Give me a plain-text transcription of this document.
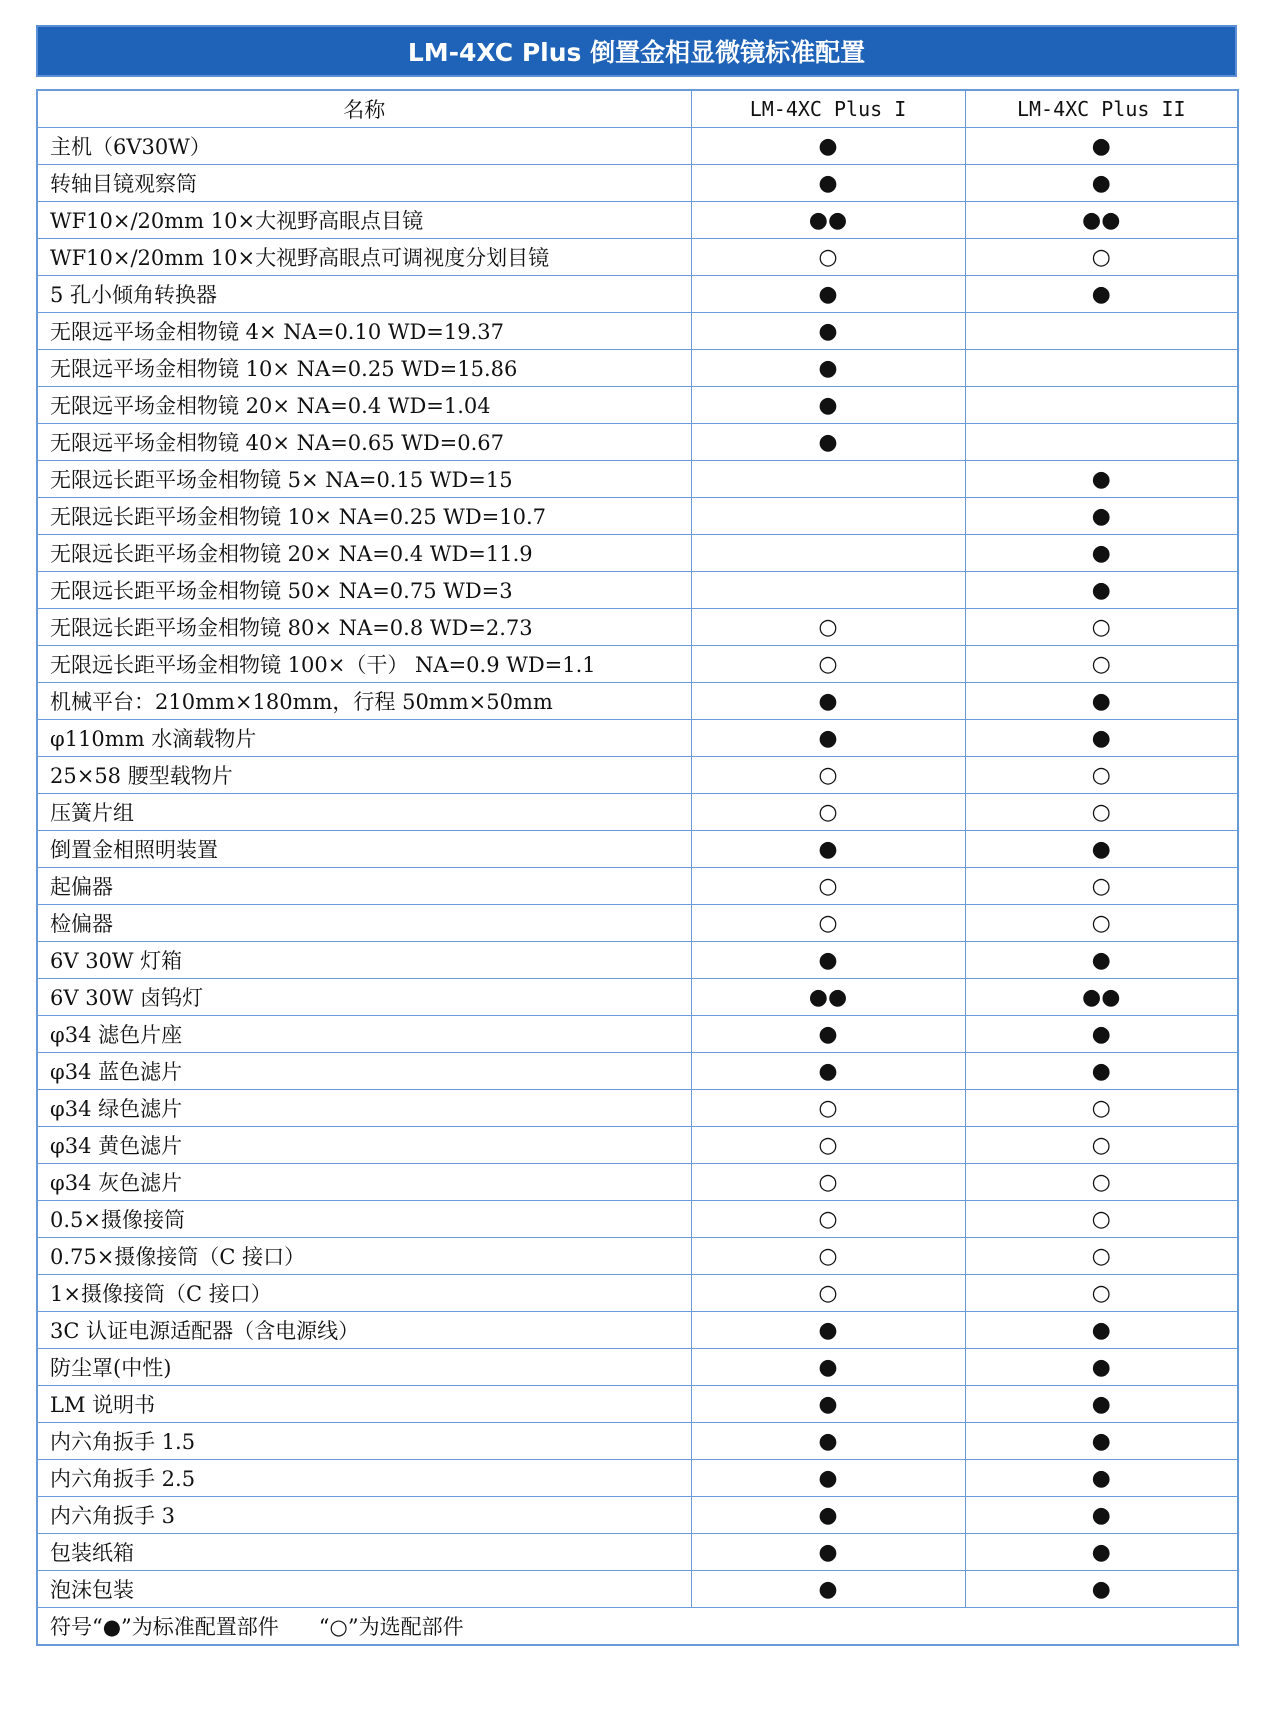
LM-4XC Plus 倒置金相显微镜标准配置
名称	LM-4XC Plus I	LM-4XC Plus II
主机（6V30W）	●	●
转轴目镜观察筒	●	●
WF10×/20mm 10×大视野高眼点目镜	●●	●●
WF10×/20mm 10×大视野高眼点可调视度分划目镜	○	○
5 孔小倾角转换器	●	●
无限远平场金相物镜 4× NA=0.10 WD=19.37	●	
无限远平场金相物镜 10× NA=0.25 WD=15.86	●	
无限远平场金相物镜 20× NA=0.4 WD=1.04	●	
无限远平场金相物镜 40× NA=0.65 WD=0.67	●	
无限远长距平场金相物镜 5× NA=0.15 WD=15		●
无限远长距平场金相物镜 10× NA=0.25 WD=10.7		●
无限远长距平场金相物镜 20× NA=0.4 WD=11.9		●
无限远长距平场金相物镜 50× NA=0.75 WD=3		●
无限远长距平场金相物镜 80× NA=0.8 WD=2.73	○	○
无限远长距平场金相物镜 100×（干） NA=0.9 WD=1.1	○	○
机械平台：210mm×180mm，行程 50mm×50mm	●	●
φ110mm 水滴载物片	●	●
25×58 腰型载物片	○	○
压簧片组	○	○
倒置金相照明装置	●	●
起偏器	○	○
检偏器	○	○
6V 30W 灯箱	●	●
6V 30W 卤钨灯	●●	●●
φ34 滤色片座	●	●
φ34 蓝色滤片	●	●
φ34 绿色滤片	○	○
φ34 黄色滤片	○	○
φ34 灰色滤片	○	○
0.5×摄像接筒	○	○
0.75×摄像接筒（C 接口）	○	○
1×摄像接筒（C 接口）	○	○
3C 认证电源适配器（含电源线）	●	●
防尘罩(中性)	●	●
LM 说明书	●	●
内六角扳手 1.5	●	●
内六角扳手 2.5	●	●
内六角扳手 3	●	●
包装纸箱	●	●
泡沫包装	●	●
符号“●”为标准配置部件 “○”为选配部件		
